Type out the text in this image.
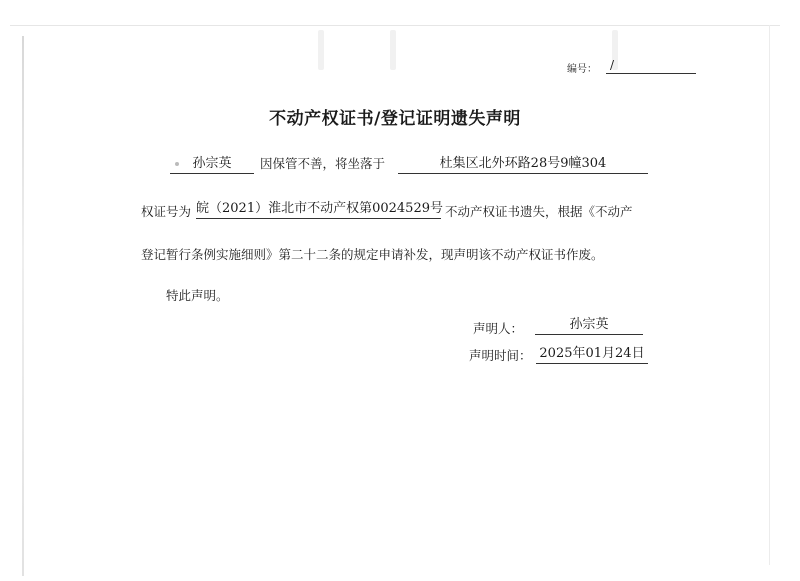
编号： /
不动产权证书/登记证明遗失声明
孙宗英	因保管不善，将坐落于	杜集区北外环路28号9幢304
权证号为 皖（2021）淮北市不动产权第0024529号 不动产权证书遗失，根据《不动产
登记暂行条例实施细则》第二十二条的规定申请补发，现声明该不动产权证书作废。
特此声明。
声明人：	孙宗英
声明时间： 2025年01月24日
